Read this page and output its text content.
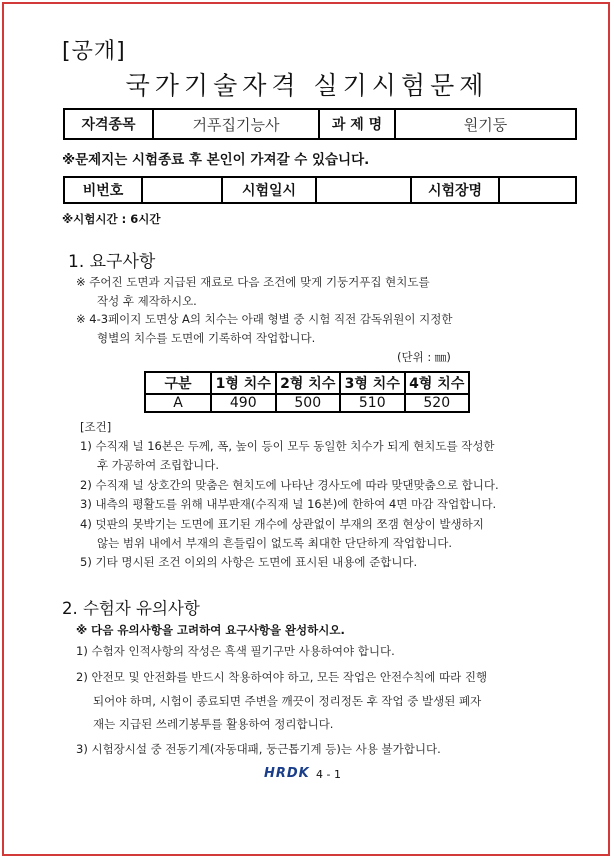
[공개]
국가기술자격 실기시험문제
자격종목	거푸집기능사	과 제 명	원기둥
※문제지는 시험종료 후 본인이 가져갈 수 있습니다.
비번호		시험일시		시험장명	
※시험시간 : 6시간
1. 요구사항
※ 주어진 도면과 지급된 재료로 다음 조건에 맞게 기둥거푸집 현치도를
작성 후 제작하시오.
※ 4-3페이지 도면상 A의 치수는 아래 형별 중 시험 직전 감독위원이 지정한
형별의 치수를 도면에 기록하여 작업합니다.
(단위 : ㎜)
구분	1형 치수	2형 치수	3형 치수	4형 치수
A	490	500	510	520
[조건]
1) 수직재 널 16본은 두께, 폭, 높이 등이 모두 동일한 치수가 되게 현치도를 작성한
후 가공하여 조립합니다.
2) 수직재 널 상호간의 맞춤은 현치도에 나타난 경사도에 따라 맞댄맞춤으로 합니다.
3) 내측의 평활도를 위해 내부판재(수직재 널 16본)에 한하여 4면 마감 작업합니다.
4) 덧판의 못박기는 도면에 표기된 개수에 상관없이 부재의 쪼갬 현상이 발생하지
않는 범위 내에서 부재의 흔들림이 없도록 최대한 단단하게 작업합니다.
5) 기타 명시된 조건 이외의 사항은 도면에 표시된 내용에 준합니다.
2. 수험자 유의사항
※ 다음 유의사항을 고려하여 요구사항을 완성하시오.
1) 수험자 인적사항의 작성은 흑색 필기구만 사용하여야 합니다.
2) 안전모 및 안전화를 반드시 착용하여야 하고, 모든 작업은 안전수칙에 따라 진행
되어야 하며, 시험이 종료되면 주변을 깨끗이 정리정돈 후 작업 중 발생된 폐자
재는 지급된 쓰레기봉투를 활용하여 정리합니다.
3) 시험장시설 중 전동기계(자동대패, 둥근톱기계 등)는 사용 불가합니다.
HRDK 4 - 1
